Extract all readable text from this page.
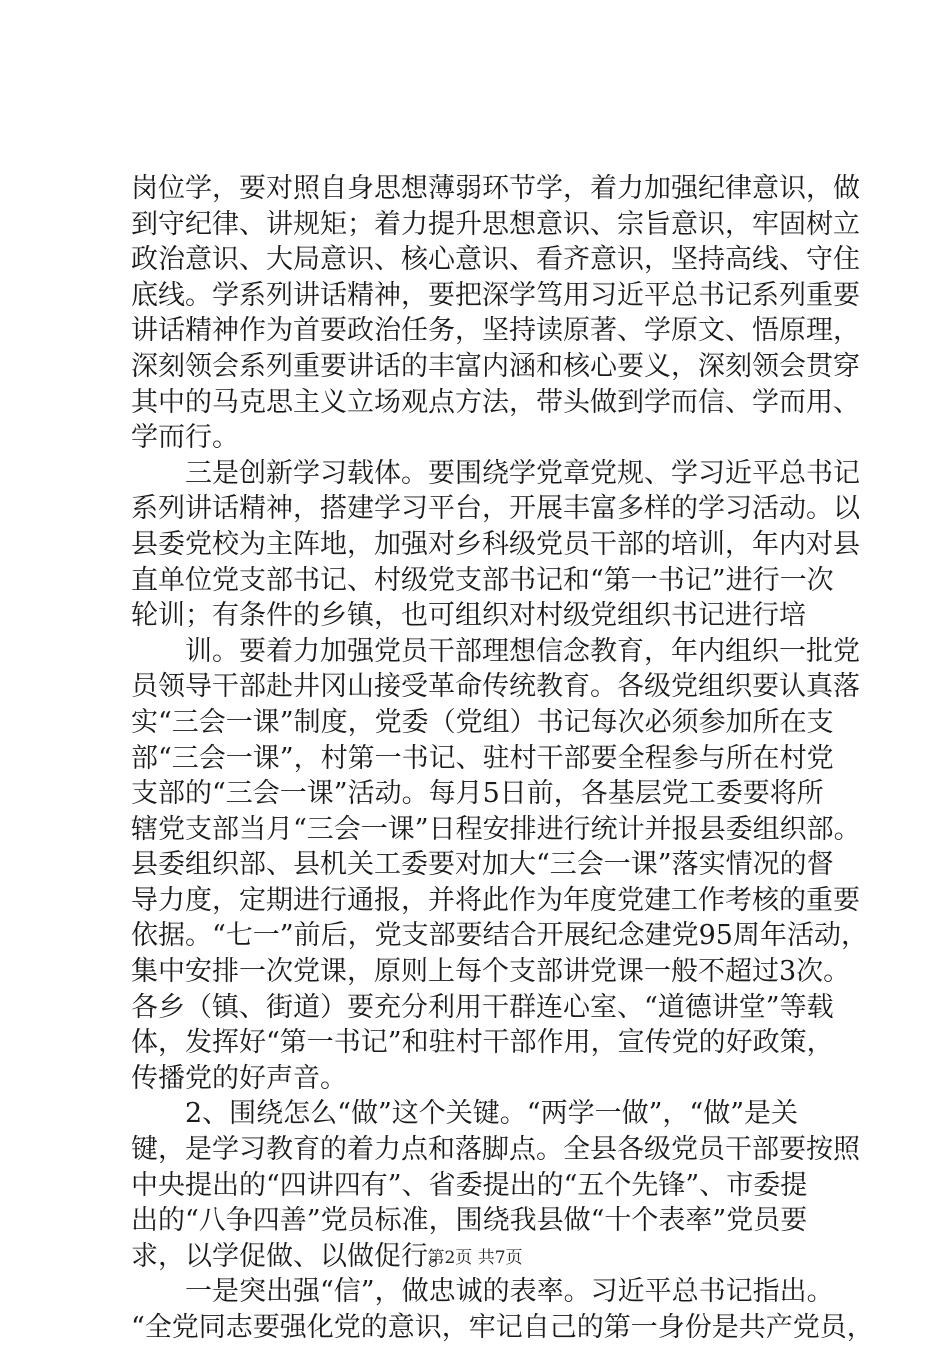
岗位学，要对照自身思想薄弱环节学，着力加强纪律意识，做
到守纪律、讲规矩；着力提升思想意识、宗旨意识，牢固树立
政治意识、大局意识、核心意识、看齐意识，坚持高线、守住
底线。学系列讲话精神，要把深学笃用习近平总书记系列重要
讲话精神作为首要政治任务，坚持读原著、学原文、悟原理，
深刻领会系列重要讲话的丰富内涵和核心要义，深刻领会贯穿
其中的马克思主义立场观点方法，带头做到学而信、学而用、
学而行。
　　三是创新学习载体。要围绕学党章党规、学习近平总书记
系列讲话精神，搭建学习平台，开展丰富多样的学习活动。以
县委党校为主阵地，加强对乡科级党员干部的培训，年内对县
直单位党支部书记、村级党支部书记和“第一书记”进行一次
轮训；有条件的乡镇，也可组织对村级党组织书记进行培
　　训。要着力加强党员干部理想信念教育，年内组织一批党
员领导干部赴井冈山接受革命传统教育。各级党组织要认真落
实“三会一课”制度，党委（党组）书记每次必须参加所在支
部“三会一课”，村第一书记、驻村干部要全程参与所在村党
支部的“三会一课”活动。每月5日前，各基层党工委要将所
辖党支部当月“三会一课”日程安排进行统计并报县委组织部。
县委组织部、县机关工委要对加大“三会一课”落实情况的督
导力度，定期进行通报，并将此作为年度党建工作考核的重要
依据。“七一”前后，党支部要结合开展纪念建党95周年活动，
集中安排一次党课，原则上每个支部讲党课一般不超过3次。
各乡（镇、街道）要充分利用干群连心室、“道德讲堂”等载
体，发挥好“第一书记”和驻村干部作用，宣传党的好政策，
传播党的好声音。
　　2、围绕怎么“做”这个关键。“两学一做”，“做”是关
键，是学习教育的着力点和落脚点。全县各级党员干部要按照
中央提出的“四讲四有”、省委提出的“五个先锋”、市委提
出的“八争四善”党员标准，围绕我县做“十个表率”党员要
求，以学促做、以做促行。
　　一是突出强“信”，做忠诚的表率。习近平总书记指出。
“全党同志要强化党的意识，牢记自己的第一身份是共产党员，
第2页 共7页
